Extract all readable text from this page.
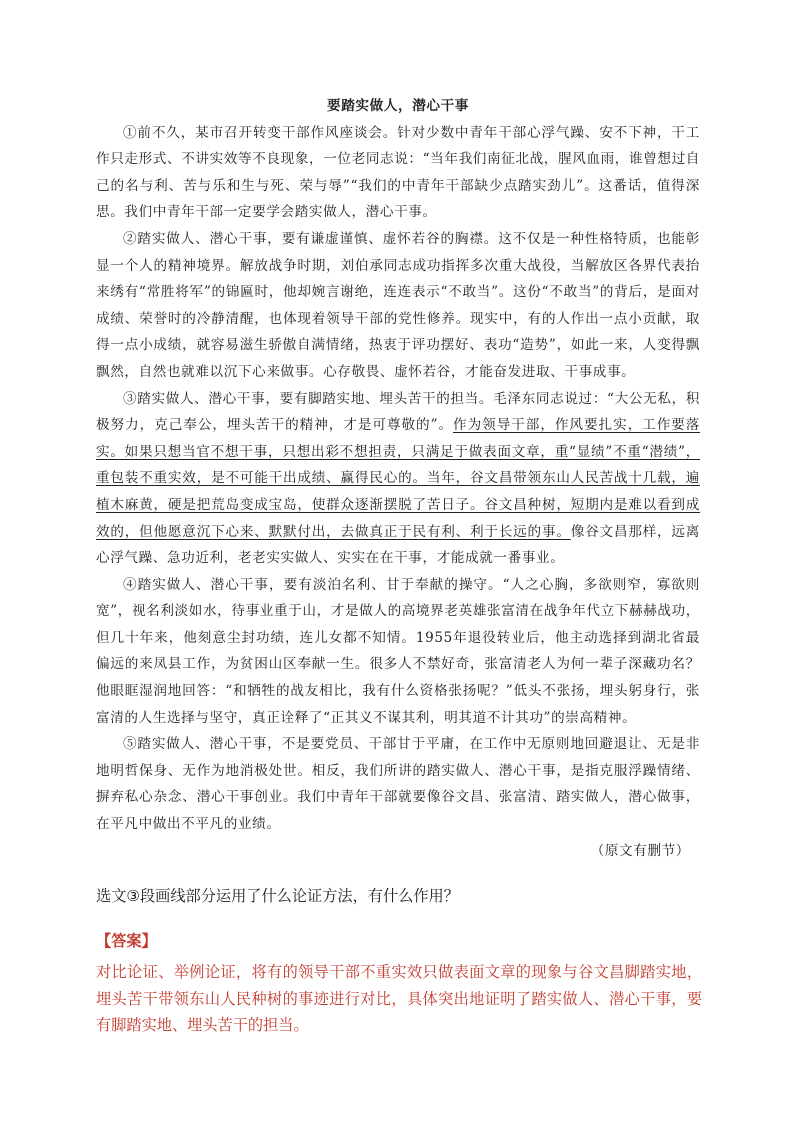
要踏实做人，潜心干事

①前不久，某市召开转变干部作风座谈会。针对少数中青年干部心浮气躁、安不下神，干工作只走形式、不讲实效等不良现象，一位老同志说：“当年我们南征北战，腥风血雨，谁曾想过自己的名与利、苦与乐和生与死、荣与辱”“我们的中青年干部缺少点踏实劲儿”。这番话，值得深思。我们中青年干部一定要学会踏实做人，潜心干事。

②踏实做人、潜心干事，要有谦虚谨慎、虚怀若谷的胸襟。这不仅是一种性格特质，也能彰显一个人的精神境界。解放战争时期，刘伯承同志成功指挥多次重大战役，当解放区各界代表抬来绣有“常胜将军”的锦匾时，他却婉言谢绝，连连表示“不敢当”。这份“不敢当”的背后，是面对成绩、荣誉时的冷静清醒，也体现着领导干部的党性修养。现实中，有的人作出一点小贡献，取得一点小成绩，就容易滋生骄傲自满情绪，热衷于评功摆好、表功“造势”，如此一来，人变得飘飘然，自然也就难以沉下心来做事。心存敬畏、虚怀若谷，才能奋发进取、干事成事。

③踏实做人、潜心干事，要有脚踏实地、埋头苦干的担当。毛泽东同志说过：“大公无私，积极努力，克己奉公，埋头苦干的精神，才是可尊敬的”。作为领导干部，作风要扎实，工作要落实。如果只想当官不想干事，只想出彩不想担责，只满足于做表面文章，重“显绩”不重“潜绩”，重包装不重实效，是不可能干出成绩、赢得民心的。当年，谷文昌带领东山人民苦战十几载，遍植木麻黄，硬是把荒岛变成宝岛，使群众逐渐摆脱了苦日子。谷文昌种树，短期内是难以看到成效的，但他愿意沉下心来、默默付出，去做真正于民有利、利于长远的事。像谷文昌那样，远离心浮气躁、急功近利，老老实实做人、实实在在干事，才能成就一番事业。

④踏实做人、潜心干事，要有淡泊名利、甘于奉献的操守。“人之心胸，多欲则窄，寡欲则宽”，视名利淡如水，待事业重于山，才是做人的高境界老英雄张富清在战争年代立下赫赫战功，但几十年来，他刻意尘封功绩，连儿女都不知情。1955年退役转业后，他主动选择到湖北省最偏远的来凤县工作，为贫困山区奉献一生。很多人不禁好奇，张富清老人为何一辈子深藏功名？他眼眶湿润地回答：“和牺牲的战友相比，我有什么资格张扬呢？”低头不张扬，埋头躬身行，张富清的人生选择与坚守，真正诠释了“正其义不谋其利，明其道不计其功”的崇高精神。

⑤踏实做人、潜心干事，不是要党员、干部甘于平庸，在工作中无原则地回避退让、无是非地明哲保身、无作为地消极处世。相反，我们所讲的踏实做人、潜心干事，是指克服浮躁情绪、摒弃私心杂念、潜心干事创业。我们中青年干部就要像谷文昌、张富清、踏实做人，潜心做事，在平凡中做出不平凡的业绩。

（原文有删节）

选文③段画线部分运用了什么论证方法，有什么作用？

【答案】

对比论证、举例论证，将有的领导干部不重实效只做表面文章的现象与谷文昌脚踏实地，埋头苦干带领东山人民种树的事迹进行对比，具体突出地证明了踏实做人、潜心干事，要有脚踏实地、埋头苦干的担当。
